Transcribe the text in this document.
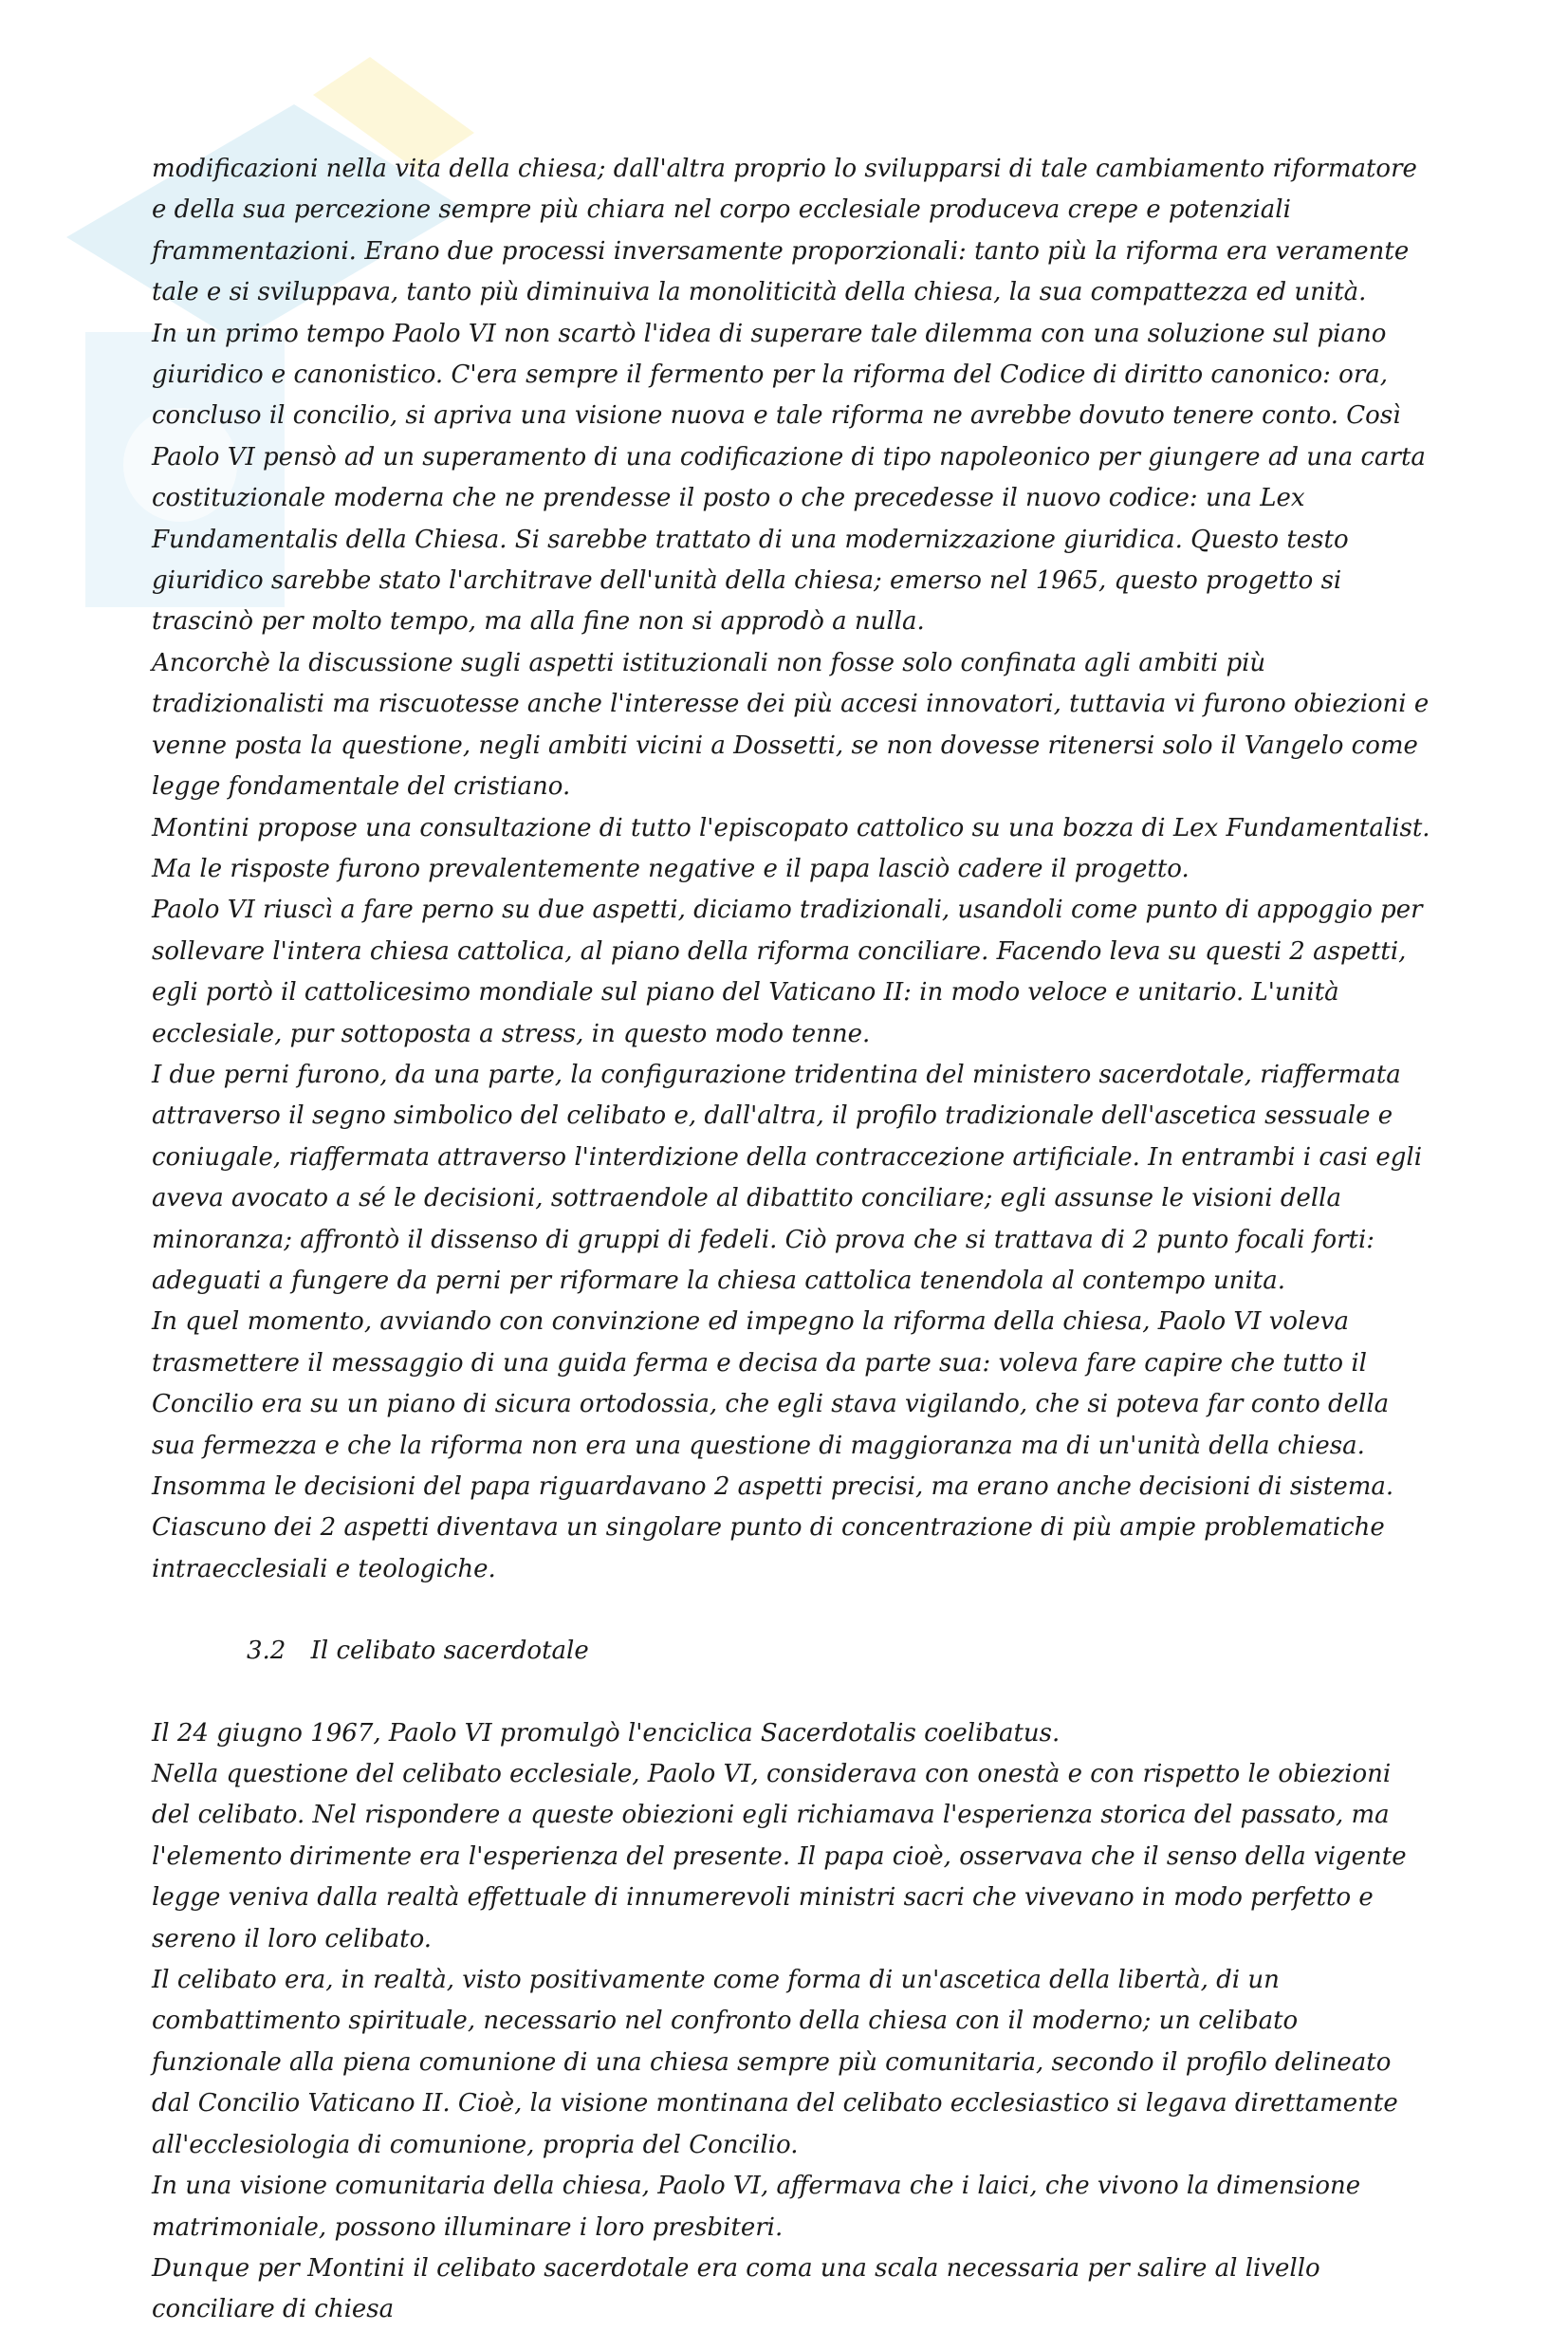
modificazioni nella vita della chiesa; dall'altra proprio lo svilupparsi di tale cambiamento riformatore e della sua percezione sempre più chiara nel corpo ecclesiale produceva crepe e potenziali frammentazioni. Erano due processi inversamente proporzionali: tanto più la riforma era veramente tale e si sviluppava, tanto più diminuiva la monoliticità della chiesa, la sua compattezza ed unità.

In un primo tempo Paolo VI non scartò l'idea di superare tale dilemma con una soluzione sul piano giuridico e canonistico. C'era sempre il fermento per la riforma del Codice di diritto canonico: ora, concluso il concilio, si apriva una visione nuova e tale riforma ne avrebbe dovuto tenere conto. Così Paolo VI pensò ad un superamento di una codificazione di tipo napoleonico per giungere ad una carta costituzionale moderna che ne prendesse il posto o che precedesse il nuovo codice: una Lex Fundamentalis della Chiesa. Si sarebbe trattato di una modernizzazione giuridica. Questo testo giuridico sarebbe stato l'architrave dell'unità della chiesa; emerso nel 1965, questo progetto si trascinò per molto tempo, ma alla fine non si approdò a nulla.

Ancorchè la discussione sugli aspetti istituzionali non fosse solo confinata agli ambiti più tradizionalisti ma riscuotesse anche l'interesse dei più accesi innovatori, tuttavia vi furono obiezioni e venne posta la questione, negli ambiti vicini a Dossetti, se non dovesse ritenersi solo il Vangelo come legge fondamentale del cristiano.

Montini propose una consultazione di tutto l'episcopato cattolico su una bozza di Lex Fundamentalist. Ma le risposte furono prevalentemente negative e il papa lasciò cadere il progetto.

Paolo VI riuscì a fare perno su due aspetti, diciamo tradizionali, usandoli come punto di appoggio per sollevare l'intera chiesa cattolica, al piano della riforma conciliare. Facendo leva su questi 2 aspetti, egli portò il cattolicesimo mondiale sul piano del Vaticano II: in modo veloce e unitario. L'unità ecclesiale, pur sottoposta a stress, in questo modo tenne.

I due perni furono, da una parte, la configurazione tridentina del ministero sacerdotale, riaffermata attraverso il segno simbolico del celibato e, dall'altra, il profilo tradizionale dell'ascetica sessuale e coniugale, riaffermata attraverso l'interdizione della contraccezione artificiale. In entrambi i casi egli aveva avocato a sé le decisioni, sottraendole al dibattito conciliare; egli assunse le visioni della minoranza; affrontò il dissenso di gruppi di fedeli. Ciò prova che si trattava di 2 punto focali forti: adeguati a fungere da perni per riformare la chiesa cattolica tenendola al contempo unita.

In quel momento, avviando con convinzione ed impegno la riforma della chiesa, Paolo VI voleva trasmettere il messaggio di una guida ferma e decisa da parte sua: voleva fare capire che tutto il Concilio era su un piano di sicura ortodossia, che egli stava vigilando, che si poteva far conto della sua fermezza e che la riforma non era una questione di maggioranza ma di un'unità della chiesa.

Insomma le decisioni del papa riguardavano 2 aspetti precisi, ma erano anche decisioni di sistema. Ciascuno dei 2 aspetti diventava un singolare punto di concentrazione di più ampie problematiche intraecclesiali e teologiche.

3.2 Il celibato sacerdotale

Il 24 giugno 1967, Paolo VI promulgò l'enciclica Sacerdotalis coelibatus.

Nella questione del celibato ecclesiale, Paolo VI, considerava con onestà e con rispetto le obiezioni del celibato. Nel rispondere a queste obiezioni egli richiamava l'esperienza storica del passato, ma l'elemento dirimente era l'esperienza del presente. Il papa cioè, osservava che il senso della vigente legge veniva dalla realtà effettuale di innumerevoli ministri sacri che vivevano in modo perfetto e sereno il loro celibato.

Il celibato era, in realtà, visto positivamente come forma di un'ascetica della libertà, di un combattimento spirituale, necessario nel confronto della chiesa con il moderno; un celibato funzionale alla piena comunione di una chiesa sempre più comunitaria, secondo il profilo delineato dal Concilio Vaticano II. Cioè, la visione montinana del celibato ecclesiastico si legava direttamente all'ecclesiologia di comunione, propria del Concilio.

In una visione comunitaria della chiesa, Paolo VI, affermava che i laici, che vivono la dimensione matrimoniale, possono illuminare i loro presbiteri.

Dunque per Montini il celibato sacerdotale era coma una scala necessaria per salire al livello conciliare di chiesa
